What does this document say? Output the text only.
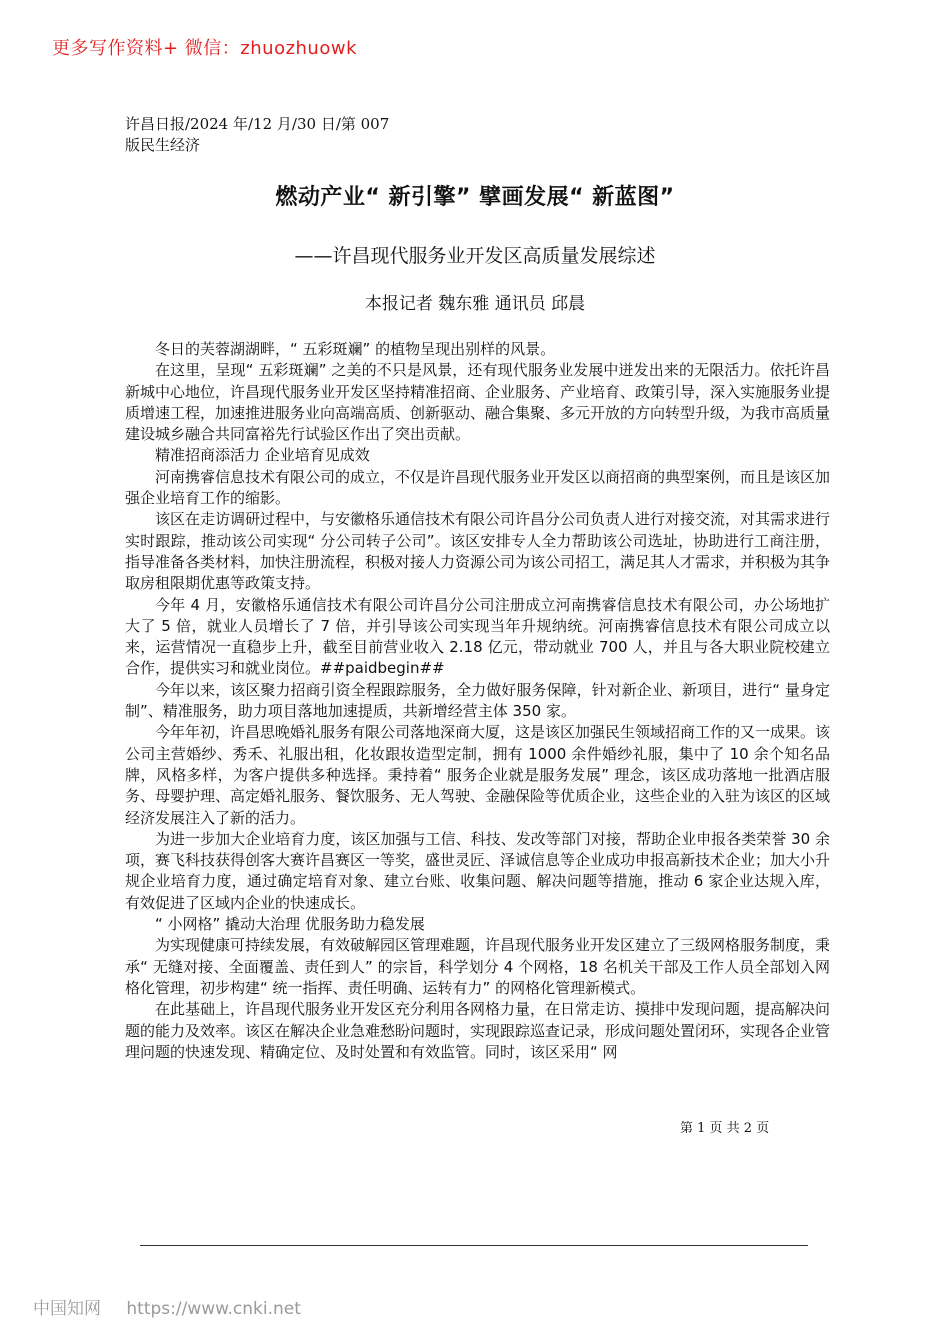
更多写作资料+ 微信：zhuozhuowk
许昌日报/2024 年/12 月/30 日/第 007
版民生经济
燃动产业“ 新引擎” 擘画发展“ 新蓝图”
——许昌现代服务业开发区高质量发展综述
本报记者 魏东雅 通讯员 邱晨

冬日的芙蓉湖湖畔，“ 五彩斑斓” 的植物呈现出别样的风景。

在这里，呈现“ 五彩斑斓” 之美的不只是风景，还有现代服务业发展中迸发出来的无限活力。依托许昌新城中心地位，许昌现代服务业开发区坚持精准招商、企业服务、产业培育、政策引导，深入实施服务业提质增速工程，加速推进服务业向高端高质、创新驱动、融合集聚、多元开放的方向转型升级，为我市高质量建设城乡融合共同富裕先行试验区作出了突出贡献。

精准招商添活力 企业培育见成效

河南携睿信息技术有限公司的成立，不仅是许昌现代服务业开发区以商招商的典型案例，而且是该区加强企业培育工作的缩影。

该区在走访调研过程中，与安徽格乐通信技术有限公司许昌分公司负责人进行对接交流，对其需求进行实时跟踪，推动该公司实现“ 分公司转子公司”。该区安排专人全力帮助该公司选址，协助进行工商注册，指导准备各类材料，加快注册流程，积极对接人力资源公司为该公司招工，满足其人才需求，并积极为其争取房租限期优惠等政策支持。

今年 4 月，安徽格乐通信技术有限公司许昌分公司注册成立河南携睿信息技术有限公司，办公场地扩大了 5 倍，就业人员增长了 7 倍，并引导该公司实现当年升规纳统。河南携睿信息技术有限公司成立以来，运营情况一直稳步上升，截至目前营业收入 2.18 亿元，带动就业 700 人，并且与各大职业院校建立合作，提供实习和就业岗位。##paidbegin##

今年以来，该区聚力招商引资全程跟踪服务，全力做好服务保障，针对新企业、新项目，进行“ 量身定制”、精准服务，助力项目落地加速提质，共新增经营主体 350 家。

今年年初，许昌思晚婚礼服务有限公司落地深商大厦，这是该区加强民生领域招商工作的又一成果。该公司主营婚纱、秀禾、礼服出租，化妆跟妆造型定制，拥有 1000 余件婚纱礼服，集中了 10 余个知名品牌，风格多样，为客户提供多种选择。秉持着“ 服务企业就是服务发展” 理念，该区成功落地一批酒店服务、母婴护理、高定婚礼服务、餐饮服务、无人驾驶、金融保险等优质企业，这些企业的入驻为该区的区域经济发展注入了新的活力。

为进一步加大企业培育力度，该区加强与工信、科技、发改等部门对接，帮助企业申报各类荣誉 30 余项，赛飞科技获得创客大赛许昌赛区一等奖，盛世灵匠、泽诚信息等企业成功申报高新技术企业；加大小升规企业培育力度，通过确定培育对象、建立台账、收集问题、解决问题等措施，推动 6 家企业达规入库，有效促进了区域内企业的快速成长。

“ 小网格” 撬动大治理 优服务助力稳发展

为实现健康可持续发展，有效破解园区管理难题，许昌现代服务业开发区建立了三级网格服务制度，秉承“ 无缝对接、全面覆盖、责任到人” 的宗旨，科学划分 4 个网格，18 名机关干部及工作人员全部划入网格化管理，初步构建“ 统一指挥、责任明确、运转有力” 的网格化管理新模式。

在此基础上，许昌现代服务业开发区充分利用各网格力量，在日常走访、摸排中发现问题，提高解决问题的能力及效率。该区在解决企业急难愁盼问题时，实现跟踪巡查记录，形成问题处置闭环，实现各企业管理问题的快速发现、精确定位、及时处置和有效监管。同时，该区采用“ 网

第 1 页 共 2 页
中国知网 https://www.cnki.net
